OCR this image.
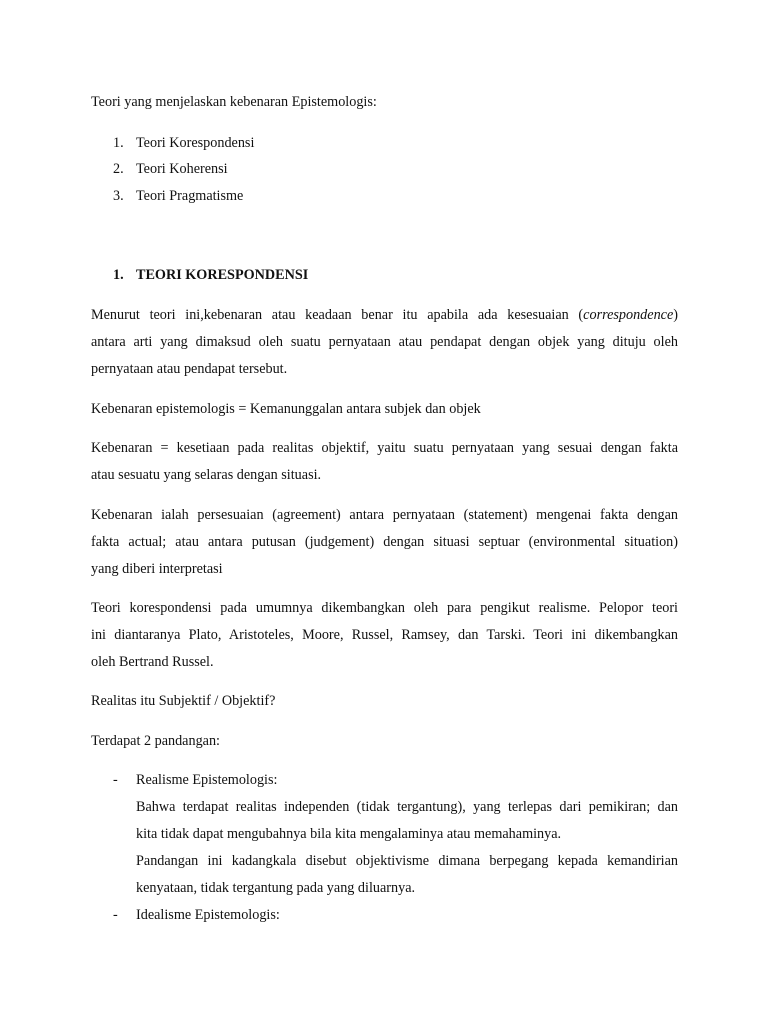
Teori yang menjelaskan kebenaran Epistemologis:
1. Teori Korespondensi
2. Teori Koherensi
3. Teori Pragmatisme
1. TEORI KORESPONDENSI
Menurut teori ini,kebenaran atau keadaan benar itu apabila ada kesesuaian (correspondence)
antara arti yang dimaksud oleh suatu pernyataan atau pendapat dengan objek yang dituju oleh
pernyataan atau pendapat tersebut.
Kebenaran epistemologis = Kemanunggalan antara subjek dan objek
Kebenaran = kesetiaan pada realitas objektif, yaitu suatu pernyataan yang sesuai dengan fakta
atau sesuatu yang selaras dengan situasi.
Kebenaran ialah persesuaian (agreement) antara pernyataan (statement) mengenai fakta dengan
fakta actual; atau antara putusan (judgement) dengan situasi septuar (environmental situation)
yang diberi interpretasi
Teori korespondensi pada umumnya dikembangkan oleh para pengikut realisme. Pelopor teori
ini diantaranya Plato, Aristoteles, Moore, Russel, Ramsey, dan Tarski. Teori ini dikembangkan
oleh Bertrand Russel.
Realitas itu Subjektif / Objektif?
Terdapat 2 pandangan:
- Realisme Epistemologis:
Bahwa terdapat realitas independen (tidak tergantung), yang terlepas dari pemikiran; dan
kita tidak dapat mengubahnya bila kita mengalaminya atau memahaminya.
Pandangan ini kadangkala disebut objektivisme dimana berpegang kepada kemandirian
kenyataan, tidak tergantung pada yang diluarnya.
- Idealisme Epistemologis:
